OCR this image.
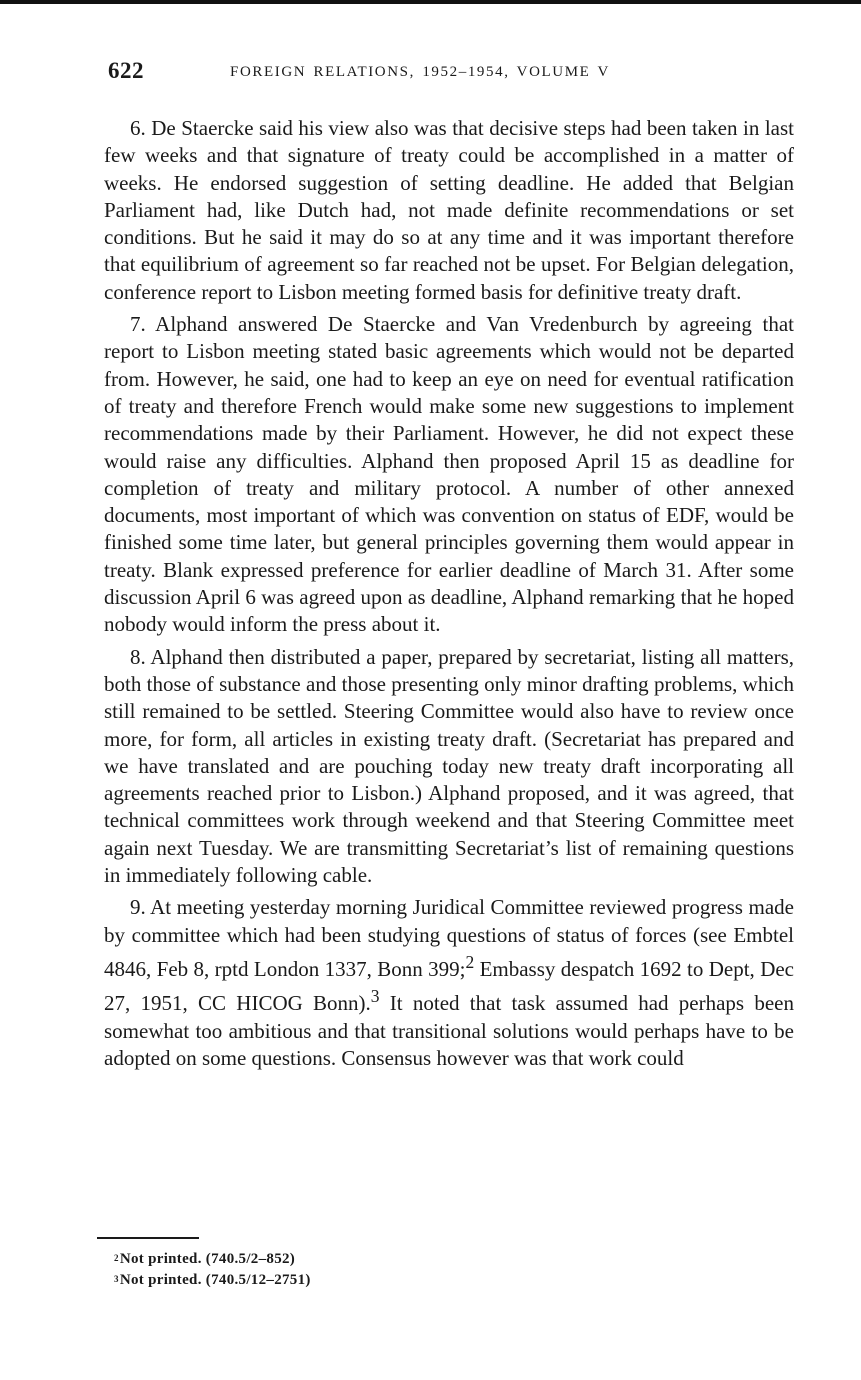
622	FOREIGN RELATIONS, 1952–1954, VOLUME V

6. De Staercke said his view also was that decisive steps had been taken in last few weeks and that signature of treaty could be accomplished in a matter of weeks. He endorsed suggestion of setting deadline. He added that Belgian Parliament had, like Dutch had, not made definite recommendations or set conditions. But he said it may do so at any time and it was important therefore that equilibrium of agreement so far reached not be upset. For Belgian delegation, conference report to Lisbon meeting formed basis for definitive treaty draft.

7. Alphand answered De Staercke and Van Vredenburch by agreeing that report to Lisbon meeting stated basic agreements which would not be departed from. However, he said, one had to keep an eye on need for eventual ratification of treaty and therefore French would make some new suggestions to implement recommendations made by their Parliament. However, he did not expect these would raise any difficulties. Alphand then proposed April 15 as deadline for completion of treaty and military protocol. A number of other annexed documents, most important of which was convention on status of EDF, would be finished some time later, but general principles governing them would appear in treaty. Blank expressed preference for earlier deadline of March 31. After some discussion April 6 was agreed upon as deadline, Alphand remarking that he hoped nobody would inform the press about it.

8. Alphand then distributed a paper, prepared by secretariat, listing all matters, both those of substance and those presenting only minor drafting problems, which still remained to be settled. Steering Committee would also have to review once more, for form, all articles in existing treaty draft. (Secretariat has prepared and we have translated and are pouching today new treaty draft incorporating all agreements reached prior to Lisbon.) Alphand proposed, and it was agreed, that technical committees work through weekend and that Steering Committee meet again next Tuesday. We are transmitting Secretariat’s list of remaining questions in immediately following cable.

9. At meeting yesterday morning Juridical Committee reviewed progress made by committee which had been studying questions of status of forces (see Embtel 4846, Feb 8, rptd London 1337, Bonn 399;$^2$ Embassy despatch 1692 to Dept, Dec 27, 1951, CC HICOG Bonn).$^3$ It noted that task assumed had perhaps been somewhat too ambitious and that transitional solutions would perhaps have to be adopted on some questions. Consensus however was that work could

$^2$Not printed. (740.5/2–852)
$^3$Not printed. (740.5/12–2751)
